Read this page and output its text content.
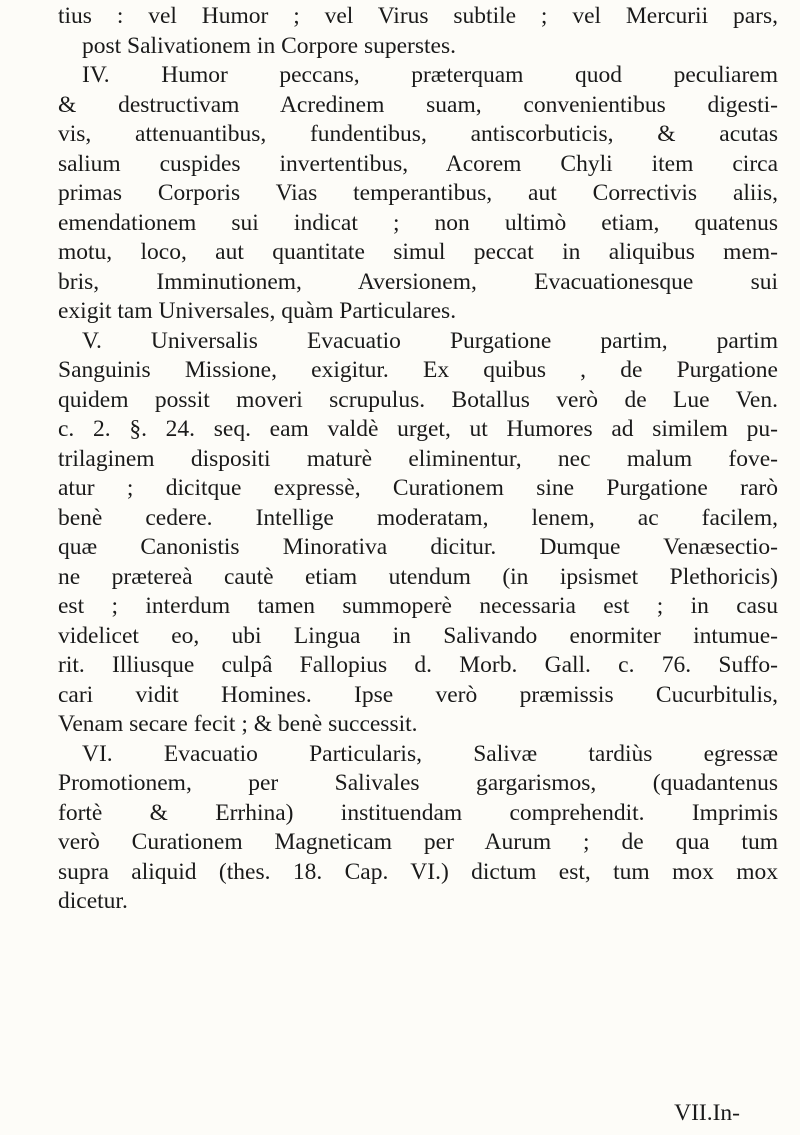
tius : vel Humor ; vel Virus subtile ; vel Mercurii pars,
post Salivationem in Corpore superstes.
IV. Humor peccans, præterquam quod peculiarem
& destructivam Acredinem suam, convenientibus digesti-
vis, attenuantibus, fundentibus, antiscorbuticis, & acutas
salium cuspides invertentibus, Acorem Chyli item circa
primas Corporis Vias temperantibus, aut Correctivis aliis,
emendationem sui indicat ; non ultimò etiam, quatenus
motu, loco, aut quantitate simul peccat in aliquibus mem-
bris, Imminutionem, Aversionem, Evacuationesque sui
exigit tam Universales, quàm Particulares.
V. Universalis Evacuatio Purgatione partim, partim
Sanguinis Missione, exigitur. Ex quibus , de Purgatione
quidem possit moveri scrupulus. Botallus verò de Lue Ven.
c. 2. §. 24. seq. eam valdè urget, ut Humores ad similem pu-
trilaginem dispositi maturè eliminentur, nec malum fove-
atur ; dicitque expressè, Curationem sine Purgatione rarò
benè cedere. Intellige moderatam, lenem, ac facilem,
quæ Canonistis Minorativa dicitur. Dumque Venæsectio-
ne prætereà cautè etiam utendum (in ipsismet Plethoricis)
est ; interdum tamen summoperè necessaria est ; in casu
videlicet eo, ubi Lingua in Salivando enormiter intumue-
rit. Illiusque culpâ Fallopius d. Morb. Gall. c. 76. Suffo-
cari vidit Homines. Ipse verò præmissis Cucurbitulis,
Venam secare fecit ; & benè successit.
VI. Evacuatio Particularis, Salivæ tardiùs egressæ
Promotionem, per Salivales gargarismos, (quadantenus
fortè & Errhina) instituendam comprehendit. Imprimis
verò Curationem Magneticam per Aurum ; de qua tum
supra aliquid (thes. 18. Cap. VI.) dictum est, tum mox mox
dicetur.
VII.In-
